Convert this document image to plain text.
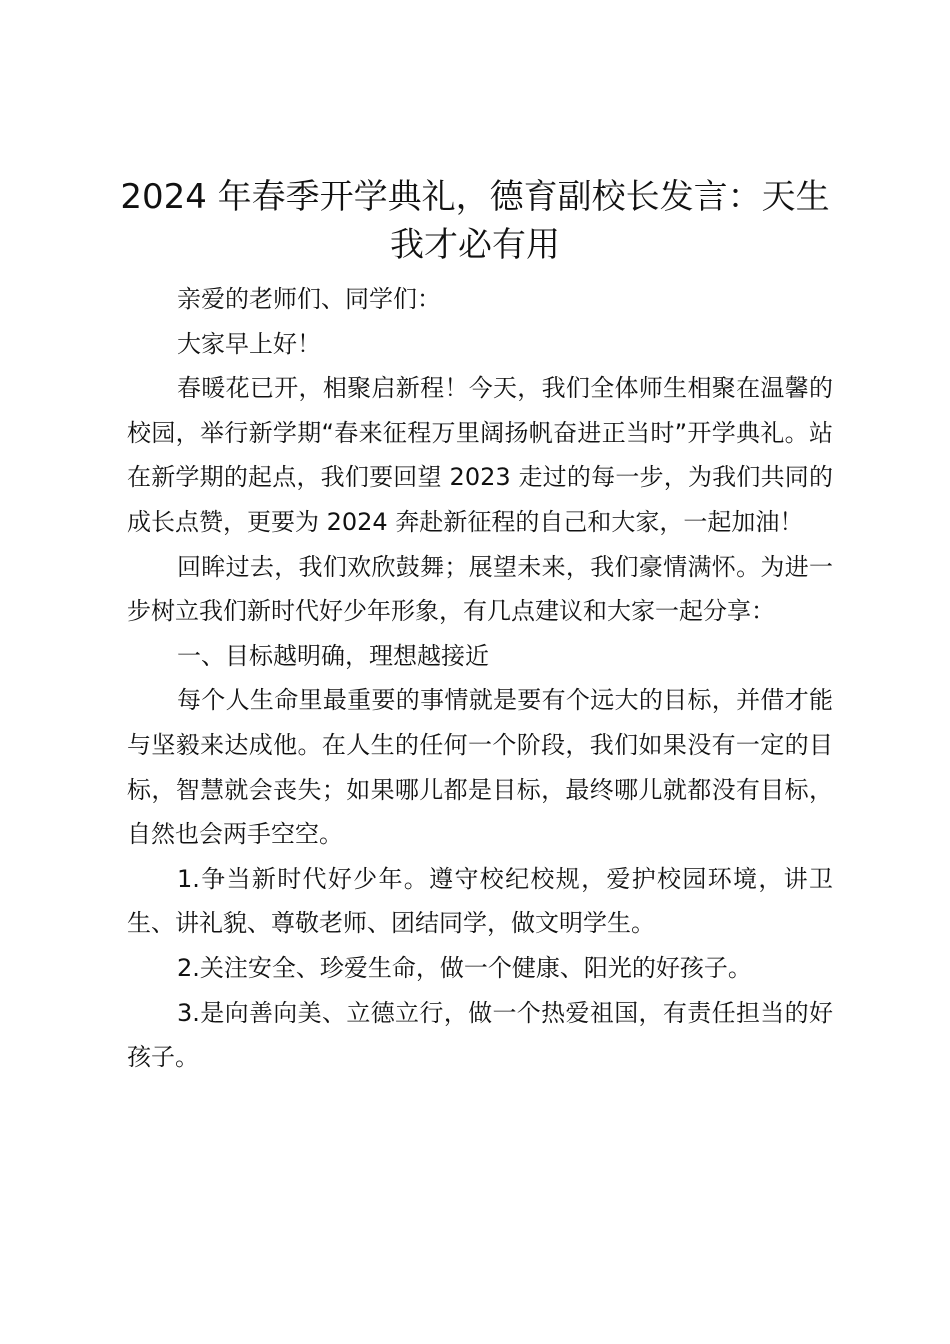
2024 年春季开学典礼，德育副校长发言：天生我才必有用

亲爱的老师们、同学们：

大家早上好！

春暖花已开，相聚启新程！今天，我们全体师生相聚在温馨的校园，举行新学期“春来征程万里阔扬帆奋进正当时”开学典礼。站在新学期的起点，我们要回望 2023 走过的每一步，为我们共同的成长点赞，更要为 2024 奔赴新征程的自己和大家，一起加油！

回眸过去，我们欢欣鼓舞；展望未来，我们豪情满怀。为进一步树立我们新时代好少年形象，有几点建议和大家一起分享：

一、目标越明确，理想越接近

每个人生命里最重要的事情就是要有个远大的目标，并借才能与坚毅来达成他。在人生的任何一个阶段，我们如果没有一定的目标，智慧就会丧失；如果哪儿都是目标，最终哪儿就都没有目标，自然也会两手空空。

1.争当新时代好少年。遵守校纪校规，爱护校园环境，讲卫生、讲礼貌、尊敬老师、团结同学，做文明学生。

2.关注安全、珍爱生命，做一个健康、阳光的好孩子。

3.是向善向美、立德立行，做一个热爱祖国，有责任担当的好孩子。
